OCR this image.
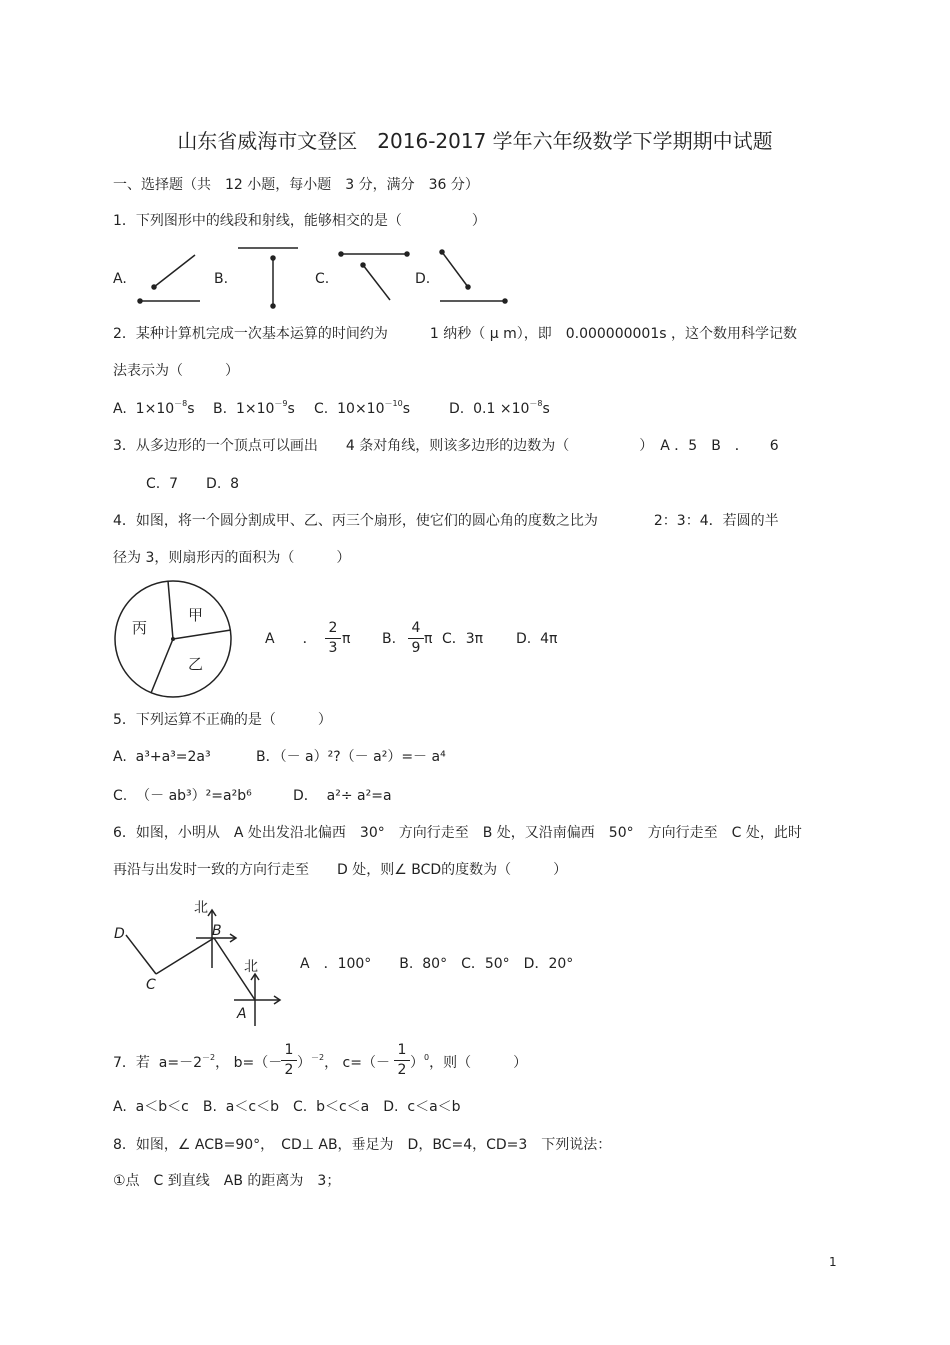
山东省威海市文登区　2016-2017 学年六年级数学下学期期中试题
一、选择题（共　12 小题，每小题　3 分，满分　36 分）
1．下列图形中的线段和射线，能够相交的是（　　　　　）
A.	B.	C.	D.
2．某种计算机完成一次基本运算的时间约为　　　1 纳秒（ μ m），即　0.000000001s ，这个数用科学记数
法表示为（　　　）
A.  $1\times 10^{-8}s$ B.  $1\times 10^{-9}s$ C.  $10\times 10^{-10}s$	D.  $0.1 \times 10^{-8}s$
3．从多边形的一个顶点可以画出　　4 条对角线，则该多边形的边数为（　　　　　）　A ．5　B　．　　6
C.  7　　D.  8
4．如图，将一个圆分割成甲、乙、丙三个扇形，使它们的圆心角的度数之比为　　　　2：3：4．若圆的半
径为 3，则扇形丙的面积为（　　　）
甲
乙
丙
A　　．
2
3
π B.
4
9
π C．3π D.  4π
5．下列运算不正确的是（　　　）
A.  a³+a³=2a³	B．（－ a）²?（－ a²）=－ a⁴
C.  （－ ab³）²=a²b⁶	D．  a²÷ a²=a
6．如图，小明从　A 处出发沿北偏西　30°　方向行走至　B 处，又沿南偏西　50°　方向行走至　C 处，此时
再沿与出发时一致的方向行走至　　D 处，则∠ BCD的度数为（　　　）
D
C
B
A
北
北	A　．100°　　B.  80°　C．50°　D．20°
7．若  $a=-2^{-2}$， b=（－
1
2 ）$^{-2}$， c=（－
1
2 ）$^0$，则（　　　）
A.  a＜b＜c　B.  a＜c＜b　C.  b＜c＜a　D.  c＜a＜b
8．如图，∠ ACB=90°，　CD⊥ AB，垂足为　D，BC=4，CD=3　下列说法：
①点　C 到直线　AB 的距离为　3；
1
